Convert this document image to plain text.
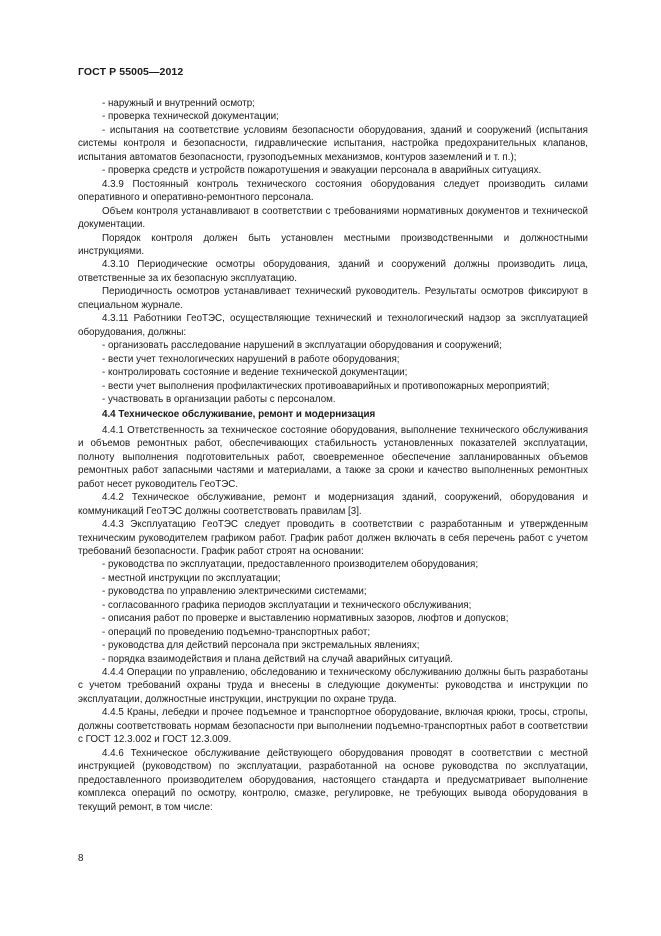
ГОСТ Р 55005—2012

- наружный и внутренний осмотр;

- проверка технической документации;

- испытания на соответствие условиям безопасности оборудования, зданий и сооружений (испытания системы контроля и безопасности, гидравлические испытания, настройка предохранительных клапанов, испытания автоматов безопасности, грузоподъемных механизмов, контуров заземлений и т. п.);

- проверка средств и устройств пожаротушения и эвакуации персонала в аварийных ситуациях.

4.3.9 Постоянный контроль технического состояния оборудования следует производить силами оперативного и оперативно-ремонтного персонала.

Объем контроля устанавливают в соответствии с требованиями нормативных документов и технической документации.

Порядок контроля должен быть установлен местными производственными и должностными инструкциями.

4.3.10 Периодические осмотры оборудования, зданий и сооружений должны производить лица, ответственные за их безопасную эксплуатацию.

Периодичность осмотров устанавливает технический руководитель. Результаты осмотров фиксируют в специальном журнале.

4.3.11 Работники ГеоТЭС, осуществляющие технический и технологический надзор за эксплуатацией оборудования, должны:

- организовать расследование нарушений в эксплуатации оборудования и сооружений;

- вести учет технологических нарушений в работе оборудования;

- контролировать состояние и ведение технической документации;

- вести учет выполнения профилактических противоаварийных и противопожарных мероприятий;

- участвовать в организации работы с персоналом.

4.4 Техническое обслуживание, ремонт и модернизация

4.4.1 Ответственность за техническое состояние оборудования, выполнение технического обслуживания и объемов ремонтных работ, обеспечивающих стабильность установленных показателей эксплуатации, полноту выполнения подготовительных работ, своевременное обеспечение запланированных объемов ремонтных работ запасными частями и материалами, а также за сроки и качество выполненных ремонтных работ несет руководитель ГеоТЭС.

4.4.2 Техническое обслуживание, ремонт и модернизация зданий, сооружений, оборудования и коммуникаций ГеоТЭС должны соответствовать правилам [3].

4.4.3 Эксплуатацию ГеоТЭС следует проводить в соответствии с разработанным и утвержденным техническим руководителем графиком работ. График работ должен включать в себя перечень работ с учетом требований безопасности. График работ строят на основании:

- руководства по эксплуатации, предоставленного производителем оборудования;

- местной инструкции по эксплуатации;

- руководства по управлению электрическими системами;

- согласованного графика периодов эксплуатации и технического обслуживания;

- описания работ по проверке и выставлению нормативных зазоров, люфтов и допусков;

- операций по проведению подъемно-транспортных работ;

- руководства для действий персонала при экстремальных явлениях;

- порядка взаимодействия и плана действий на случай аварийных ситуаций.

4.4.4 Операции по управлению, обследованию и техническому обслуживанию должны быть разработаны с учетом требований охраны труда и внесены в следующие документы: руководства и инструкции по эксплуатации, должностные инструкции, инструкции по охране труда.

4.4.5 Краны, лебедки и прочее подъемное и транспортное оборудование, включая крюки, тросы, стропы, должны соответствовать нормам безопасности при выполнении подъемно-транспортных работ в соответствии с ГОСТ 12.3.002 и ГОСТ 12.3.009.

4.4.6 Техническое обслуживание действующего оборудования проводят в соответствии с местной инструкцией (руководством) по эксплуатации, разработанной на основе руководства по эксплуатации, предоставленного производителем оборудования, настоящего стандарта и предусматривает выполнение комплекса операций по осмотру, контролю, смазке, регулировке, не требующих вывода оборудования в текущий ремонт, в том числе:

8
